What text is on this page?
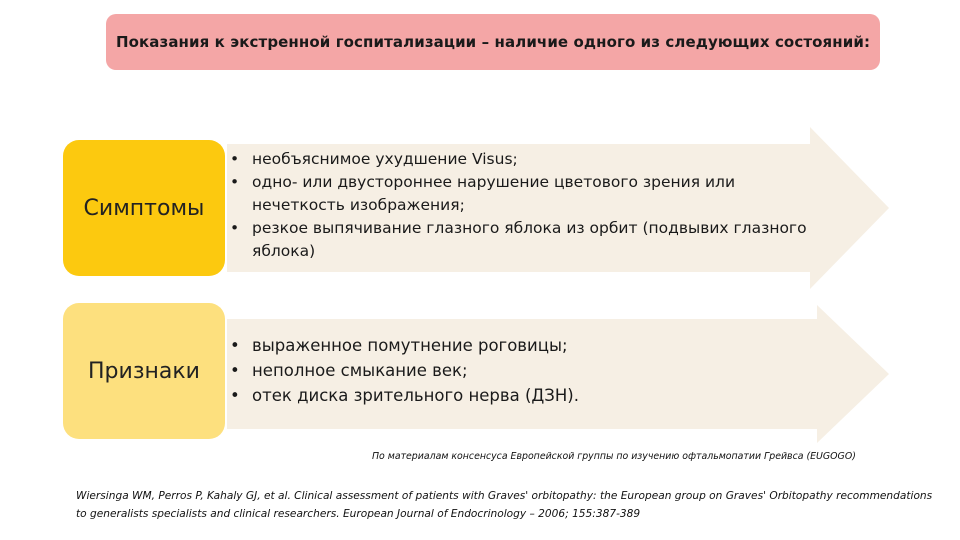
Показания к экстренной госпитализации – наличие одного из следующих состояний:
Симптомы
• необъяснимое ухудшение Visus;
• одно- или двустороннее нарушение цветового зрения или нечеткость изображения;
• резкое выпячивание глазного яблока из орбит (подвывих глазного яблока)
Признаки
• выраженное помутнение роговицы;
• неполное смыкание век;
• отек диска зрительного нерва (ДЗН).
По материалам консенсуса Европейской группы по изучению офтальмопатии Грейвса (EUGOGO)
Wiersinga WM, Perros P, Kahaly GJ, et al. Clinical assessment of patients with Graves' orbitopathy: the European group on Graves' Orbitopathy recommendations to generalists specialists and clinical researchers. European Journal of Endocrinology – 2006; 155:387-389
